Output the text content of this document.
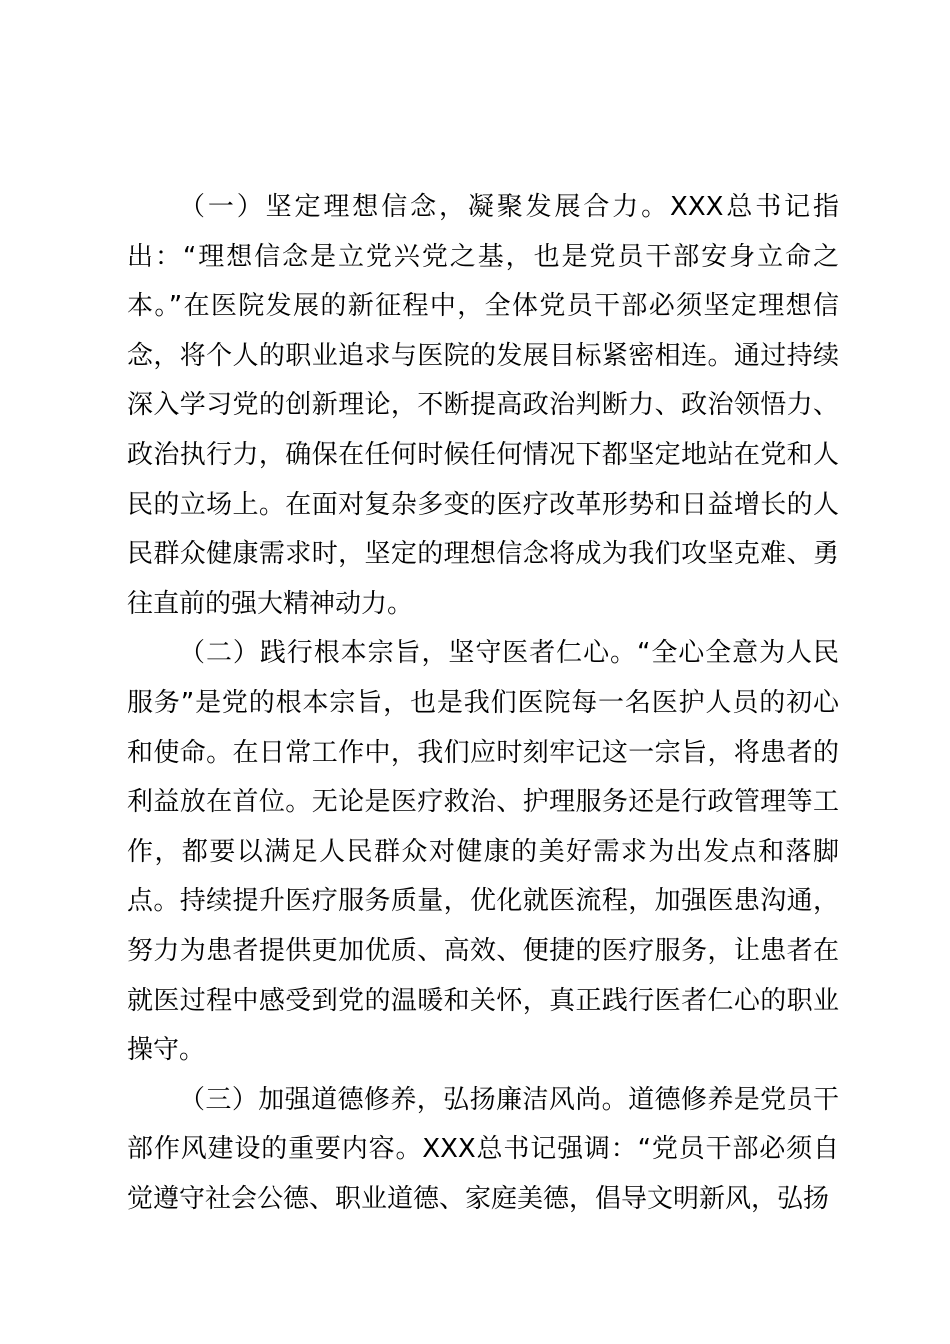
（一）坚定理想信念，凝聚发展合力。XXX总书记指出：“理想信念是立党兴党之基，也是党员干部安身立命之本。”在医院发展的新征程中，全体党员干部必须坚定理想信念，将个人的职业追求与医院的发展目标紧密相连。通过持续深入学习党的创新理论，不断提高政治判断力、政治领悟力、政治执行力，确保在任何时候任何情况下都坚定地站在党和人民的立场上。在面对复杂多变的医疗改革形势和日益增长的人民群众健康需求时，坚定的理想信念将成为我们攻坚克难、勇往直前的强大精神动力。

（二）践行根本宗旨，坚守医者仁心。“全心全意为人民服务”是党的根本宗旨，也是我们医院每一名医护人员的初心和使命。在日常工作中，我们应时刻牢记这一宗旨，将患者的利益放在首位。无论是医疗救治、护理服务还是行政管理等工作，都要以满足人民群众对健康的美好需求为出发点和落脚点。持续提升医疗服务质量，优化就医流程，加强医患沟通，努力为患者提供更加优质、高效、便捷的医疗服务，让患者在就医过程中感受到党的温暖和关怀，真正践行医者仁心的职业操守。

（三）加强道德修养，弘扬廉洁风尚。道德修养是党员干部作风建设的重要内容。XXX总书记强调：“党员干部必须自觉遵守社会公德、职业道德、家庭美德，倡导文明新风，弘扬
